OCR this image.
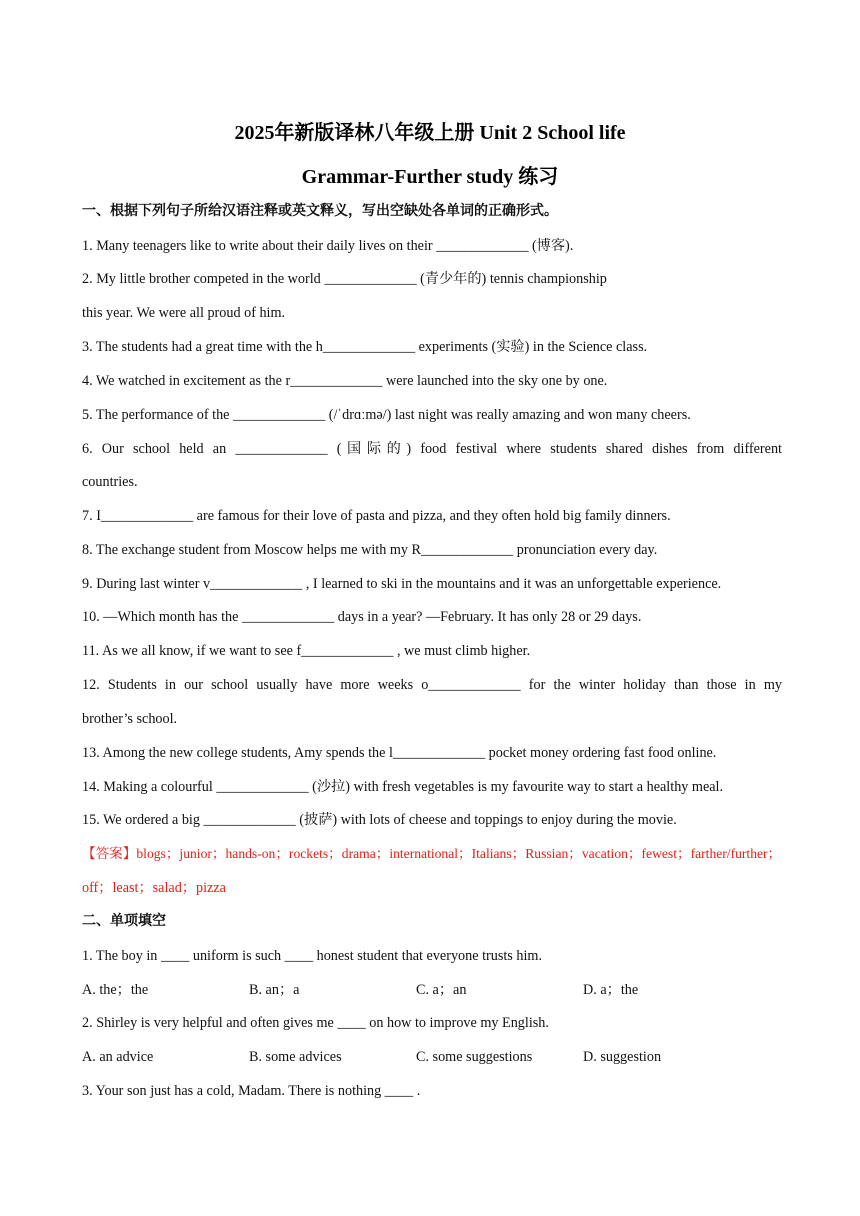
2025年新版译林八年级上册 Unit 2 School life
Grammar-Further study 练习
一、根据下列句子所给汉语注释或英文释义，写出空缺处各单词的正确形式。
1. Many teenagers like to write about their daily lives on their _____________ (博客).
2. My little brother competed in the world _____________ (青少年的) tennis championship
this year. We were all proud of him.
3. The students had a great time with the h_____________ experiments (实验) in the Science class.
4. We watched in excitement as the r_____________ were launched into the sky one by one.
5. The performance of the _____________ (/ˈdrɑːmə/) last night was really amazing and won many cheers.
6. Our school held an _____________ (国际的) food festival where students shared dishes from different
countries.
7. I_____________ are famous for their love of pasta and pizza, and they often hold big family dinners.
8. The exchange student from Moscow helps me with my R_____________ pronunciation every day.
9. During last winter v_____________ , I learned to ski in the mountains and it was an unforgettable experience.
10. —Which month has the _____________ days in a year? —February. It has only 28 or 29 days.
11. As we all know, if we want to see f_____________ , we must climb higher.
12. Students in our school usually have more weeks o_____________ for the winter holiday than those in my
brother’s school.
13. Among the new college students, Amy spends the l_____________ pocket money ordering fast food online.
14. Making a colourful _____________ (沙拉) with fresh vegetables is my favourite way to start a healthy meal.
15. We ordered a big _____________ (披萨) with lots of cheese and toppings to enjoy during the movie.
【答案】blogs；junior；hands-on；rockets；drama；international；Italians；Russian；vacation；fewest；farther/further；
off；least；salad；pizza
二、单项填空
1. The boy in ____ uniform is such ____ honest student that everyone trusts him.
A. the；the	B. an；a	C. a；an	D. a；the
2. Shirley is very helpful and often gives me ____ on how to improve my English.
A. an advice	B. some advices	C. some suggestions	D. suggestion
3. Your son just has a cold, Madam. There is nothing ____ .
